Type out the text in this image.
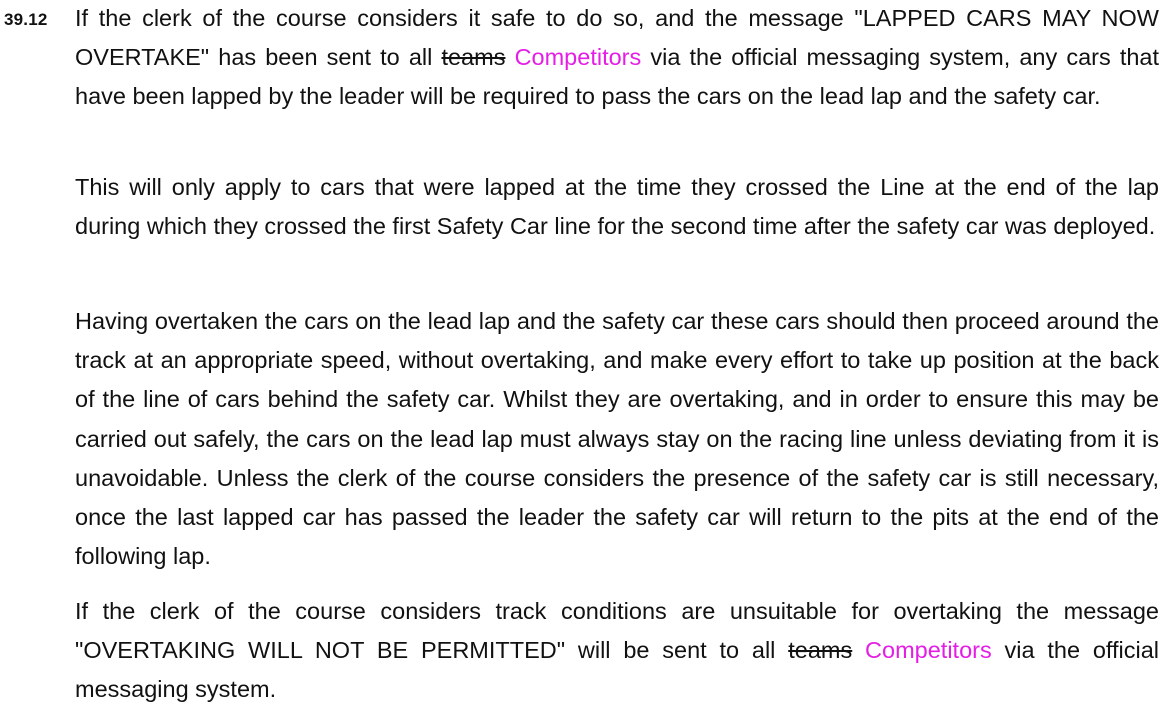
39.12 If the clerk of the course considers it safe to do so, and the message "LAPPED CARS MAY NOW OVERTAKE" has been sent to all teams Competitors via the official messaging system, any cars that have been lapped by the leader will be required to pass the cars on the lead lap and the safety car.

This will only apply to cars that were lapped at the time they crossed the Line at the end of the lap during which they crossed the first Safety Car line for the second time after the safety car was deployed.

Having overtaken the cars on the lead lap and the safety car these cars should then proceed around the track at an appropriate speed, without overtaking, and make every effort to take up position at the back of the line of cars behind the safety car. Whilst they are overtaking, and in order to ensure this may be carried out safely, the cars on the lead lap must always stay on the racing line unless deviating from it is unavoidable. Unless the clerk of the course considers the presence of the safety car is still necessary, once the last lapped car has passed the leader the safety car will return to the pits at the end of the following lap.

If the clerk of the course considers track conditions are unsuitable for overtaking the message "OVERTAKING WILL NOT BE PERMITTED" will be sent to all teams Competitors via the official messaging system.
